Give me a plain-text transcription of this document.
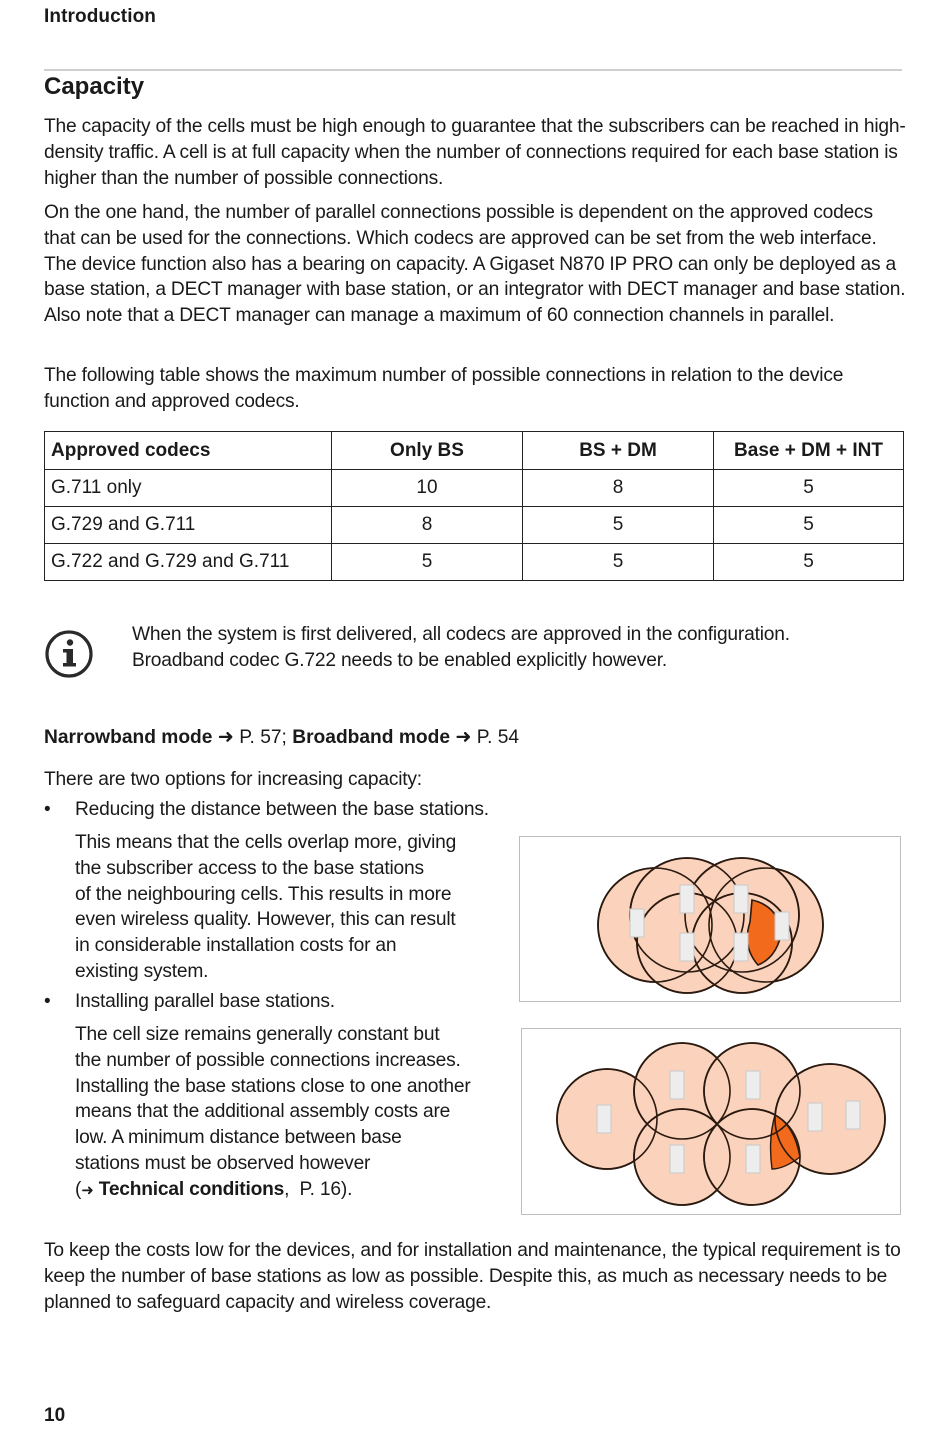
Introduction
Capacity

The capacity of the cells must be high enough to guarantee that the subscribers can be reached in high-density traffic. A cell is at full capacity when the number of connections required for each base station is higher than the number of possible connections.

On the one hand, the number of parallel connections possible is dependent on the approved codecs that can be used for the connections. Which codecs are approved can be set from the web interface. The device function also has a bearing on capacity. A Gigaset N870 IP PRO can only be deployed as a base station, a DECT manager with base station, or an integrator with DECT manager and base station. Also note that a DECT manager can manage a maximum of 60 connection channels in parallel.

The following table shows the maximum number of possible connections in relation to the device function and approved codecs.

Approved codecs	Only BS	BS + DM	Base + DM + INT
G.711 only	10	8	5
G.729 and G.711	8	5	5
G.722 and G.729 and G.711	5	5	5
When the system is first delivered, all codecs are approved in the configuration.
Broadband codec G.722 needs to be enabled explicitly however.
Narrowband mode ➜ P. 57; Broadband mode ➜ P. 54

There are two options for increasing capacity:

• Reducing the distance between the base stations.
This means that the cells overlap more, giving
the subscriber access to the base stations
of the neighbouring cells. This results in more
even wireless quality. However, this can result
in considerable installation costs for an
existing system.
• Installing parallel base stations.
The cell size remains generally constant but
the number of possible connections increases.
Installing the base stations close to one another
means that the additional assembly costs are
low. A minimum distance between base
stations must be observed however
(➜ Technical conditions,  P. 16).

To keep the costs low for the devices, and for installation and maintenance, the typical requirement is to keep the number of base stations as low as possible. Despite this, as much as necessary needs to be planned to safeguard capacity and wireless coverage.

10
